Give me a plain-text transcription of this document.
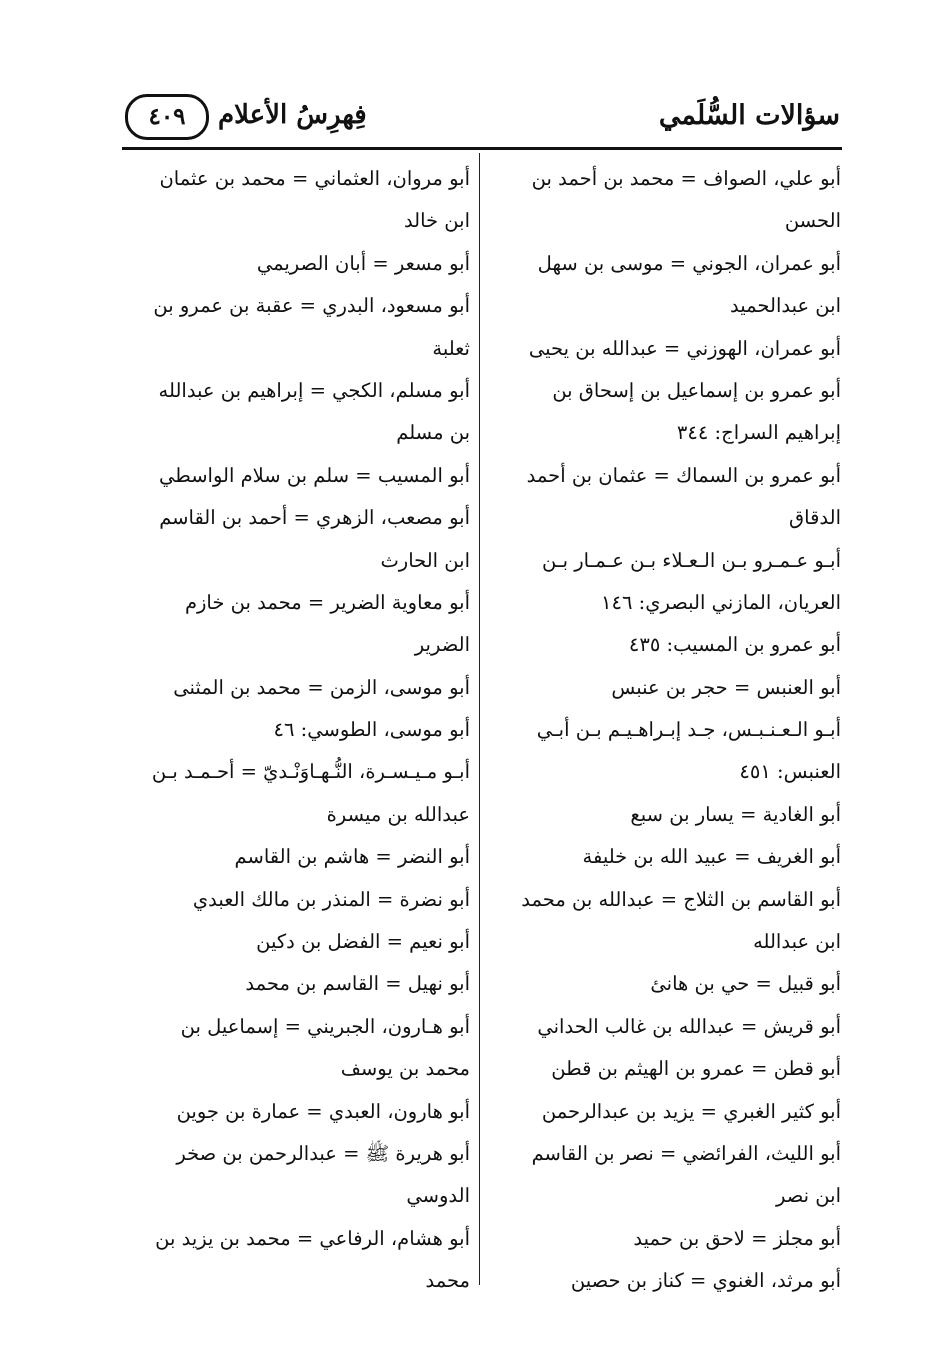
سؤالات السُّلَمي
فِهرِسُ الأعلام
٤٠٩
أبو علي، الصواف = محمد بن أحمد بن
الحسن
أبو عمران، الجوني = موسى بن سهل
ابن عبدالحميد
أبو عمران، الهوزني = عبدالله بن يحيى
أبو عمرو بن إسماعيل بن إسحاق بن
إبراهيم السراج: ٣٤٤
أبو عمرو بن السماك = عثمان بن أحمد
الدقاق
أبـو عـمـرو بـن الـعـلاء بـن عـمـار بـن
العريان، المازني البصري: ١٤٦
أبو عمرو بن المسيب: ٤٣٥
أبو العنبس = حجر بن عنبس
أبـو الـعـنـبـس، جـد إبـراهـيـم بـن أبـي
العنبس: ٤٥١
أبو الغادية = يسار بن سبع
أبو الغريف = عبيد الله بن خليفة
أبو القاسم بن الثلاج = عبدالله بن محمد
ابن عبدالله
أبو قبيل = حي بن هانئ
أبو قريش = عبدالله بن غالب الحداني
أبو قطن = عمرو بن الهيثم بن قطن
أبو كثير الغبري = يزيد بن عبدالرحمن
أبو الليث، الفرائضي = نصر بن القاسم
ابن نصر
أبو مجلز = لاحق بن حميد
أبو مرثد، الغنوي = كناز بن حصين
أبو مروان، العثماني = محمد بن عثمان
ابن خالد
أبو مسعر = أبان الصريمي
أبو مسعود، البدري = عقبة بن عمرو بن
ثعلبة
أبو مسلم، الكجي = إبراهيم بن عبدالله
بن مسلم
أبو المسيب = سلم بن سلام الواسطي
أبو مصعب، الزهري = أحمد بن القاسم
ابن الحارث
أبو معاوية الضرير = محمد بن خازم
الضرير
أبو موسى، الزمن = محمد بن المثنى
أبو موسى، الطوسي: ٤٦
أبـو مـيـسـرة، النُّـهـاوَنْـديّ = أحـمـد بـن
عبدالله بن ميسرة
أبو النضر = هاشم بن القاسم
أبو نضرة = المنذر بن مالك العبدي
أبو نعيم = الفضل بن دكين
أبو نهيل = القاسم بن محمد
أبو هـارون، الجبريني = إسماعيل بن
محمد بن يوسف
أبو هارون، العبدي = عمارة بن جوين
أبو هريرة ﷺ = عبدالرحمن بن صخر
الدوسي
أبو هشام، الرفاعي = محمد بن يزيد بن
محمد
